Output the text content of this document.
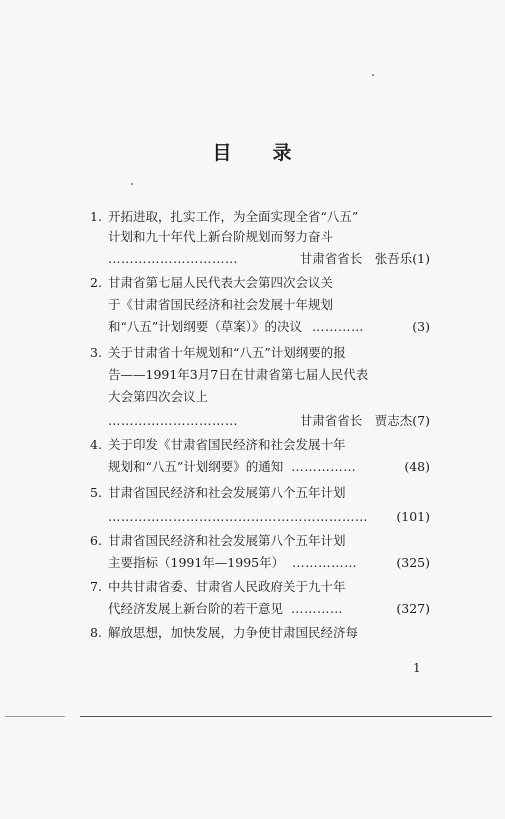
目 录
1. 开拓进取，扎实工作，为全面实现全省“八五”
计划和九十年代上新台阶规划而努力奋斗
…………………………	甘肃省省长　张吾乐(1)
2. 甘肃省第七届人民代表大会第四次会议关
于《甘肃省国民经济和社会发展十年规划
和“八五”计划纲要（草案）》的决议 …………	(3)
3. 关于甘肃省十年规划和“八五”计划纲要的报
告——1991年3月7日在甘肃省第七届人民代表
大会第四次会议上
…………………………	甘肃省省长　贾志杰(7)
4. 关于印发《甘肃省国民经济和社会发展十年
规划和“八五”计划纲要》的通知 ……………	(48)
5. 甘肃省国民经济和社会发展第八个五年计划
…………………………………………………… (101)
6. 甘肃省国民经济和社会发展第八个五年计划
主要指标（1991年—1995年） ……………	(325)
7. 中共甘肃省委、甘肃省人民政府关于九十年
代经济发展上新台阶的若干意见 …………	(327)
8. 解放思想，加快发展，力争使甘肃国民经济每
1
